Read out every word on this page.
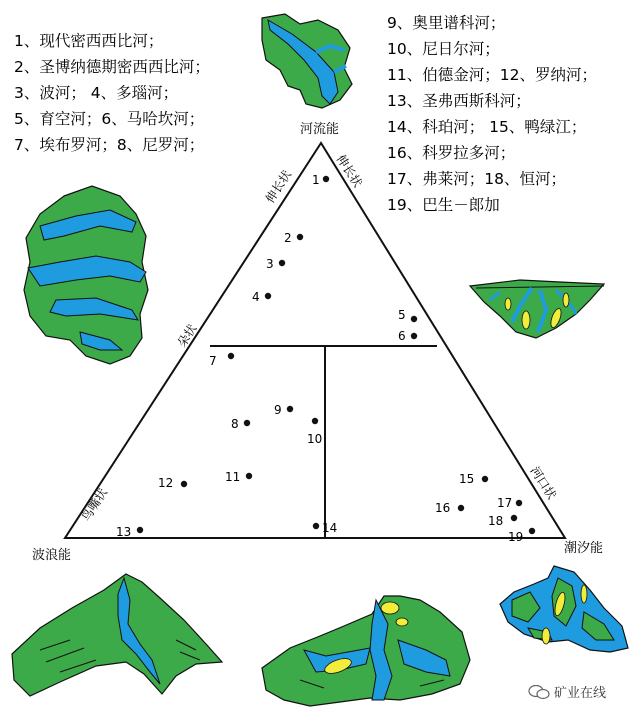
1、现代密西西比河；
2、圣博纳德期密西西比河；
3、波河； 4、多瑙河；
5、育空河；6、马哈坎河；
7、埃布罗河；8、尼罗河；
9、奥里谱科河；
10、尼日尔河；
11、伯德金河；12、罗纳河；
13、圣弗西斯科河；
14、科珀河； 15、鸭绿江；
16、科罗拉多河；
17、弗莱河；18、恒河；
19、巴生－郎加
河流能
波浪能	潮汐能
伸长状	伸长状
朵状
鸟嘴状
河口状
1
2
3
4
5
6
7
8
9
10
11
12
13	14
15
16	17
18
19
矿业在线
